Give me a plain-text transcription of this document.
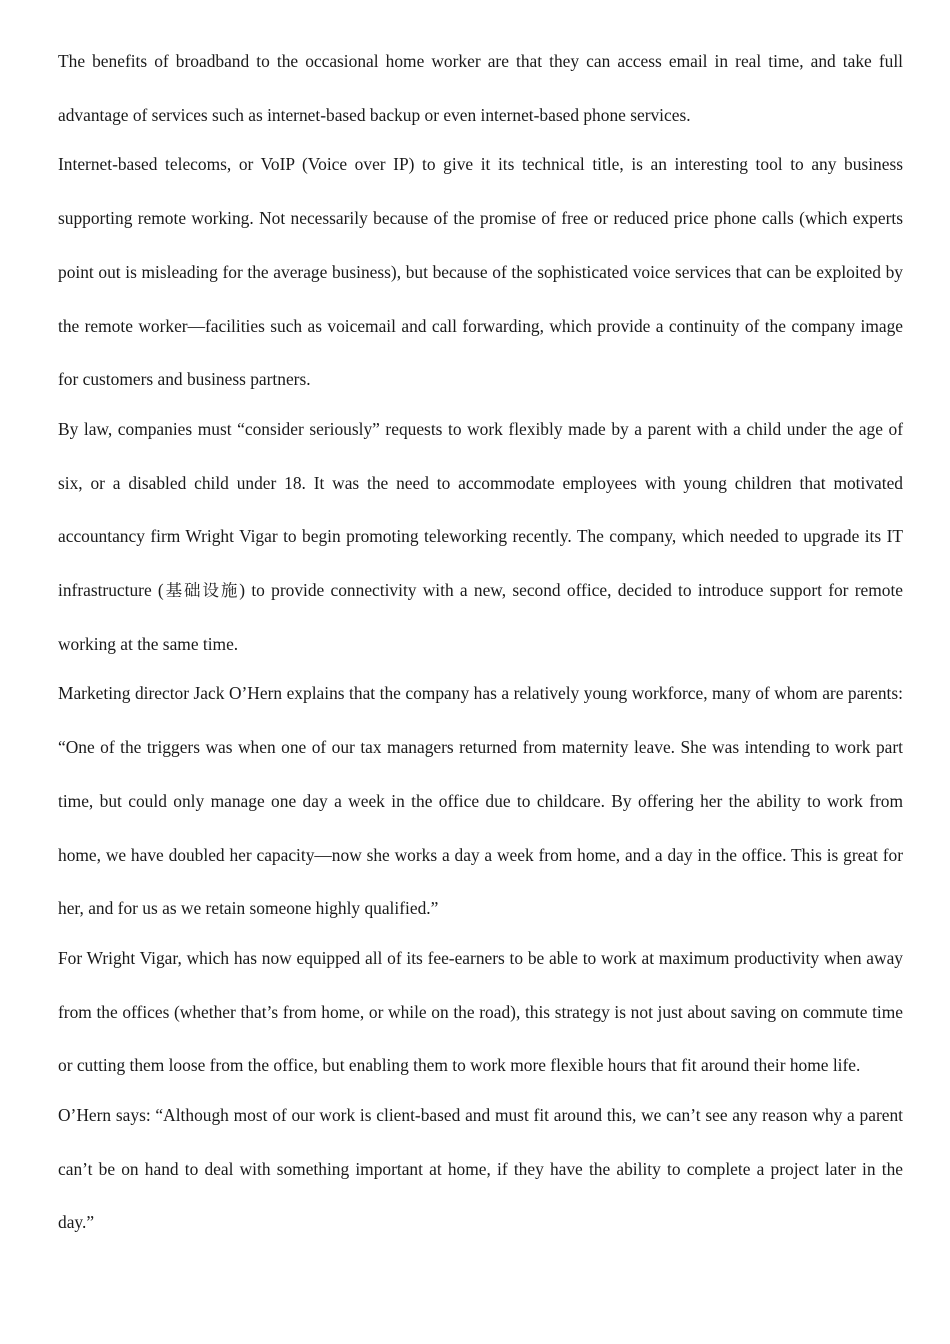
The benefits of broadband to the occasional home worker are that they can access email in real time, and take full advantage of services such as internet-based backup or even internet-based phone services.

Internet-based telecoms, or VoIP (Voice over IP) to give it its technical title, is an interesting tool to any business supporting remote working. Not necessarily because of the promise of free or reduced price phone calls (which experts point out is misleading for the average business), but because of the sophisticated voice services that can be exploited by the remote worker—facilities such as voicemail and call forwarding, which provide a continuity of the company image for customers and business partners.

By law, companies must “consider seriously” requests to work flexibly made by a parent with a child under the age of six, or a disabled child under 18. It was the need to accommodate employees with young children that motivated accountancy firm Wright Vigar to begin promoting teleworking recently. The company, which needed to upgrade its IT infrastructure (基础设施) to provide connectivity with a new, second office, decided to introduce support for remote working at the same time.

Marketing director Jack O’Hern explains that the company has a relatively young workforce, many of whom are parents: “One of the triggers was when one of our tax managers returned from maternity leave. She was intending to work part time, but could only manage one day a week in the office due to childcare. By offering her the ability to work from home, we have doubled her capacity—now she works a day a week from home, and a day in the office. This is great for her, and for us as we retain someone highly qualified.”

For Wright Vigar, which has now equipped all of its fee-earners to be able to work at maximum productivity when away from the offices (whether that’s from home, or while on the road), this strategy is not just about saving on commute time or cutting them loose from the office, but enabling them to work more flexible hours that fit around their home life.

O’Hern says: “Although most of our work is client-based and must fit around this, we can’t see any reason why a parent can’t be on hand to deal with something important at home, if they have the ability to complete a project later in the day.”
